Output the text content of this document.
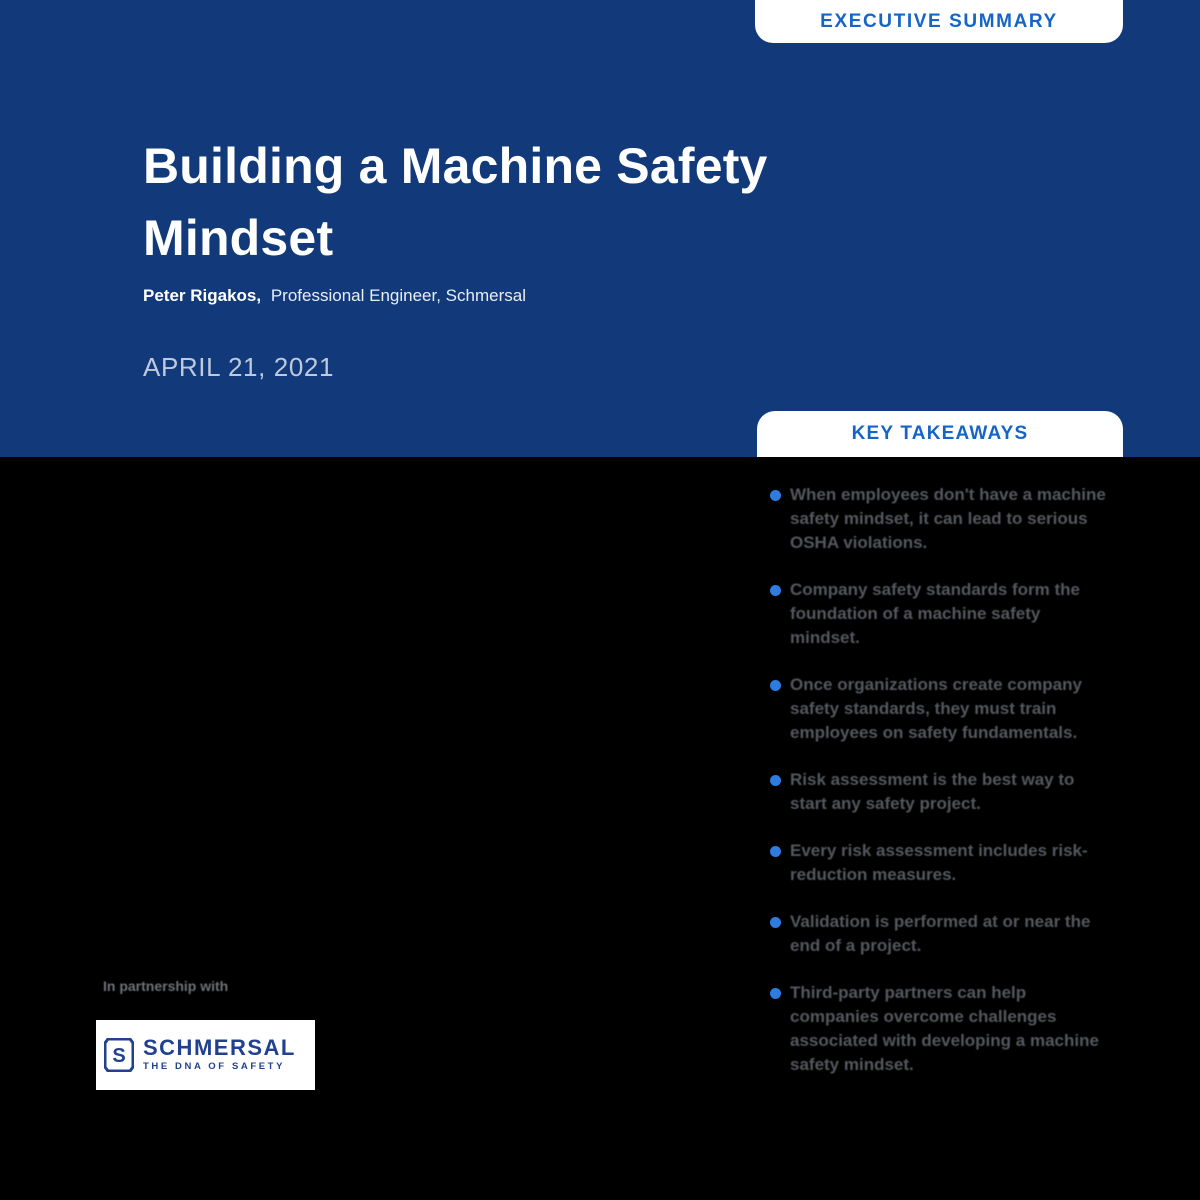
EXECUTIVE SUMMARY
Building a Machine Safety Mindset
Peter Rigakos, Professional Engineer, Schmersal
APRIL 21, 2021
KEY TAKEAWAYS

When employees don't have a machine safety mindset, it can lead to serious OSHA violations.

Company safety standards form the foundation of a machine safety mindset.

Once organizations create company safety standards, they must train employees on safety fundamentals.

Risk assessment is the best way to start any safety project.

Every risk assessment includes risk-reduction measures.

Validation is performed at or near the end of a project.

Third-party partners can help companies overcome challenges associated with developing a machine safety mindset.

In partnership with
S SCHMERSAL
THE DNA OF SAFETY
